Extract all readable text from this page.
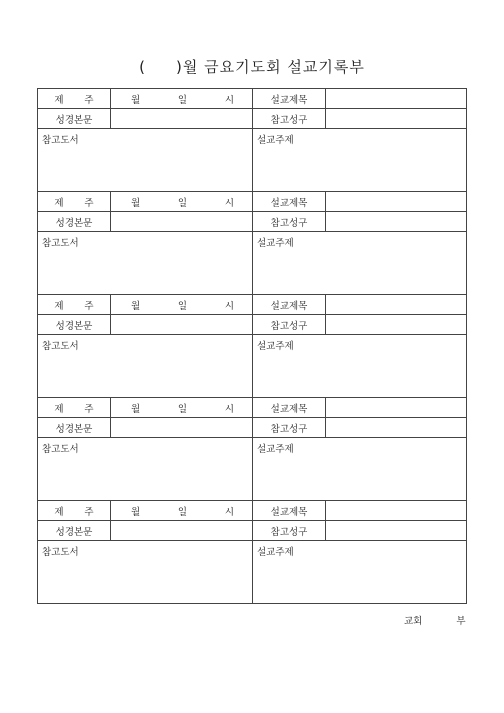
( )월 금요기도회 설교기록부
제 주	월	일	시	설교제목
성경본문	참고성구
참고도서	설교주제
제 주	월	일	시	설교제목
성경본문	참고성구
참고도서	설교주제
제 주	월	일	시	설교제목
성경본문	참고성구
참고도서	설교주제
제 주	월	일	시	설교제목
성경본문	참고성구
참고도서	설교주제
제 주	월	일	시	설교제목
성경본문	참고성구
참고도서	설교주제
교회	부
